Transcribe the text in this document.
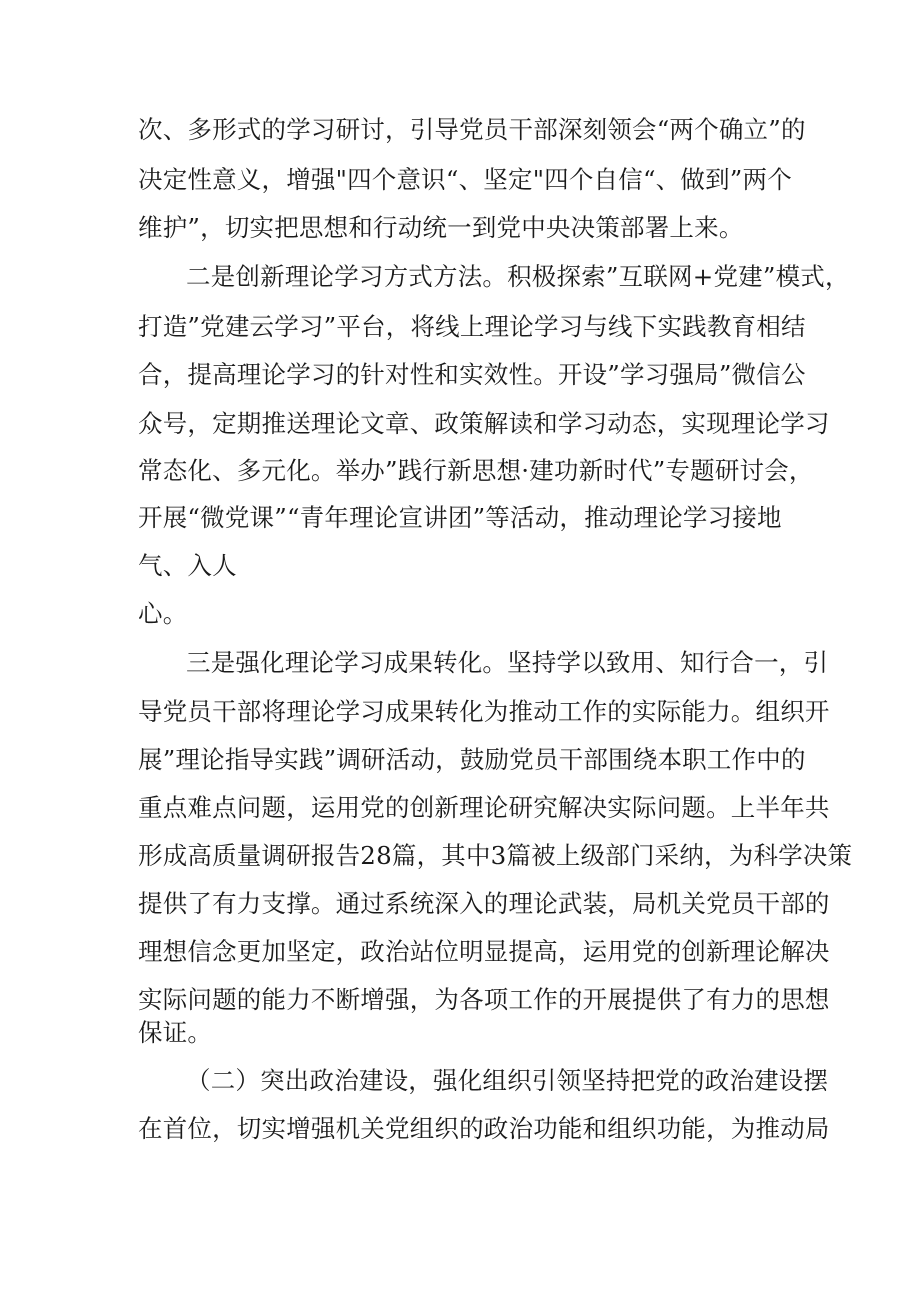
次、多形式的学习研讨，引导党员干部深刻领会“两个确立”的
决定性意义，增强"四个意识“、坚定"四个自信“、做到”两个
维护”，切实把思想和行动统一到党中央决策部署上来。
二是创新理论学习方式方法。积极探索”互联网+党建”模式，
打造”党建云学习”平台，将线上理论学习与线下实践教育相结
合，提高理论学习的针对性和实效性。开设”学习强局”微信公
众号，定期推送理论文章、政策解读和学习动态，实现理论学习
常态化、多元化。举办”践行新思想·建功新时代”专题研讨会，
开展“微党课”“青年理论宣讲团”等活动，推动理论学习接地
气、入人
心。
三是强化理论学习成果转化。坚持学以致用、知行合一，引
导党员干部将理论学习成果转化为推动工作的实际能力。组织开
展”理论指导实践”调研活动，鼓励党员干部围绕本职工作中的
重点难点问题，运用党的创新理论研究解决实际问题。上半年共
形成高质量调研报告28篇，其中3篇被上级部门采纳，为科学决策
提供了有力支撑。通过系统深入的理论武装，局机关党员干部的
理想信念更加坚定，政治站位明显提高，运用党的创新理论解决
实际问题的能力不断增强，为各项工作的开展提供了有力的思想
保证。
（二）突出政治建设，强化组织引领坚持把党的政治建设摆
在首位，切实增强机关党组织的政治功能和组织功能，为推动局
